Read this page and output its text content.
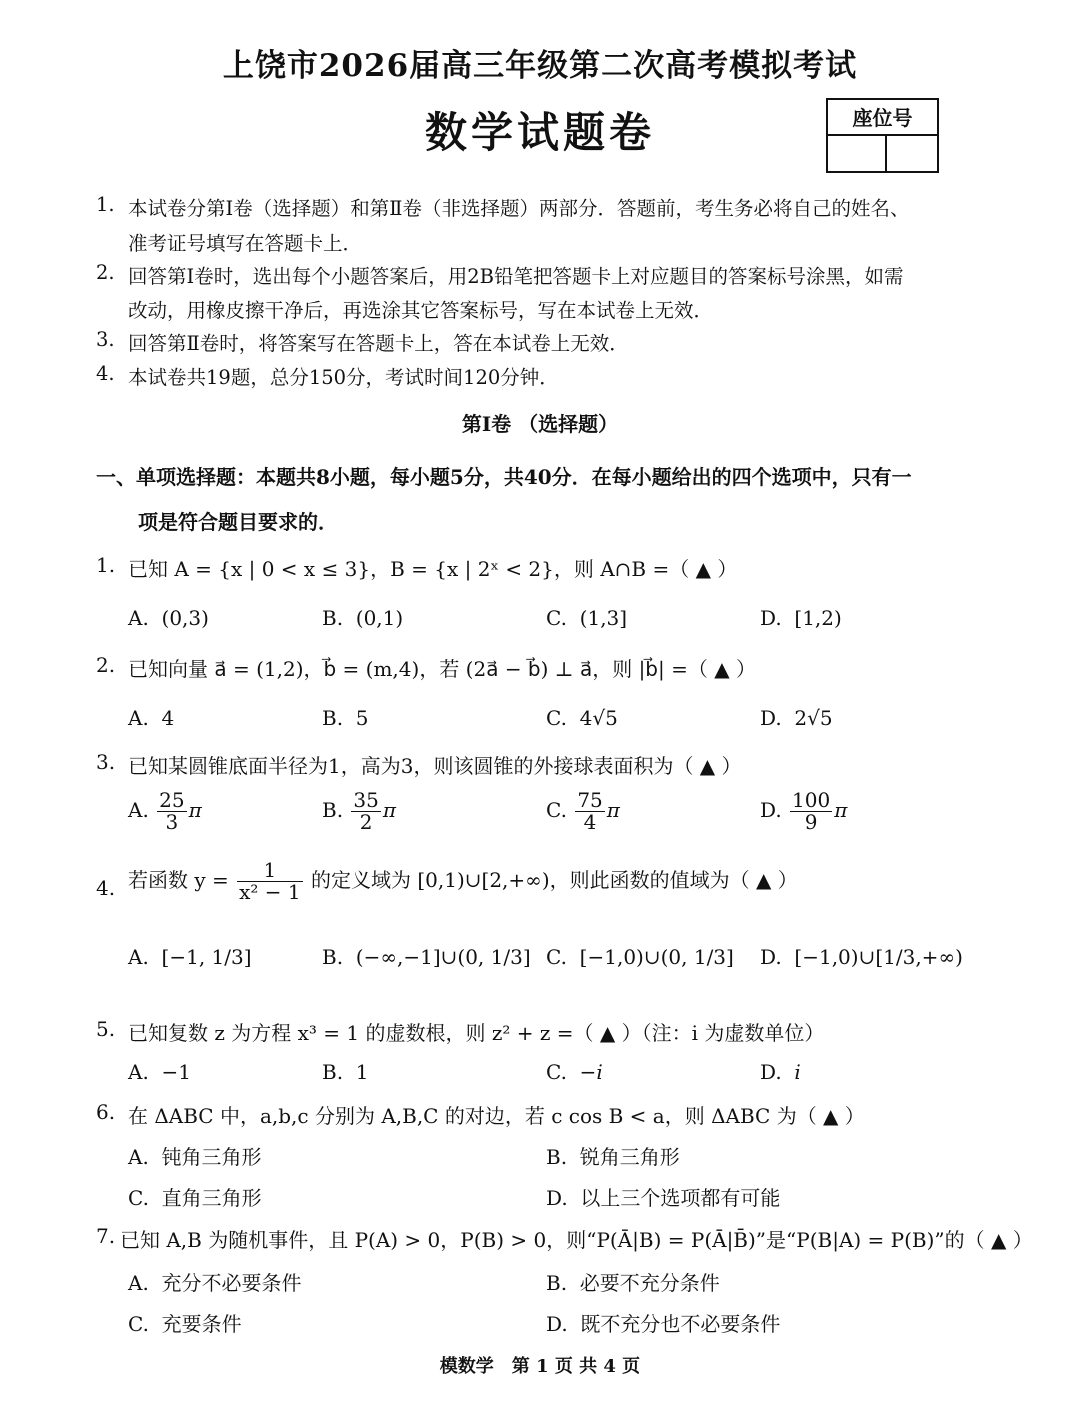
上饶市2026届高三年级第二次高考模拟考试
数学试题卷	座位号
1. 本试卷分第Ⅰ卷（选择题）和第Ⅱ卷（非选择题）两部分．答题前，考生务必将自己的姓名、
准考证号填写在答题卡上．
2. 回答第Ⅰ卷时，选出每个小题答案后，用2B铅笔把答题卡上对应题目的答案标号涂黑，如需
改动，用橡皮擦干净后，再选涂其它答案标号，写在本试卷上无效．
3. 回答第Ⅱ卷时，将答案写在答题卡上，答在本试卷上无效．
4. 本试卷共19题，总分150分，考试时间120分钟．
第Ⅰ卷 （选择题）
一、单项选择题：本题共8小题，每小题5分，共40分．在每小题给出的四个选项中，只有一
项是符合题目要求的．
1. 已知 A = {x | 0 < x ≤ 3}，B = {x | 2ˣ < 2}，则 A∩B =（ ▲ ）
A. (0,3)	B. (0,1)	C. (1,3]	D. [1,2)
2. 已知向量 a⃗ = (1,2)，b⃗ = (m,4)，若 (2a⃗ − b⃗) ⊥ a⃗，则 |b⃗| =（ ▲ ）
A. 4	B. 5	C. 4√5	D. 2√5
3. 已知某圆锥底面半径为1，高为3，则该圆锥的外接球表面积为（ ▲ ）
A. $\frac{25}{3}$ π	B. $\frac{35}{2}$ π	C. $\frac{75}{4}$ π	D. $\frac{100}{9}$ π
4. 若函数 $y = \frac{1}{\text{x² − 1}}$ 的定义域为 [0,1)∪[2,+∞)，则此函数的值域为（ ▲ ）
A. [−1, 1/3]	B. (−∞,−1]∪(0, 1/3] C. [−1,0)∪(0, 1/3] D. [−1,0)∪[1/3,+∞)
5. 已知复数 z 为方程 x³ = 1 的虚数根，则 z² + z =（ ▲ ）（注：i 为虚数单位）
A. −1	B. 1	C. −i	D. i
6. 在 ΔABC 中，a,b,c 分别为 A,B,C 的对边，若 c cos B < a，则 ΔABC 为（ ▲ ）
A. 钝角三角形	B. 锐角三角形
C. 直角三角形	D. 以上三个选项都有可能
7. 已知 A,B 为随机事件，且 P(A) > 0，P(B) > 0，则“P(Ā|B) = P(Ā|B̄)”是“P(B|A) = P(B)”的（ ▲ ）
A. 充分不必要条件	B. 必要不充分条件
C. 充要条件	D. 既不充分也不必要条件
模数学　第 1 页 共 4 页
